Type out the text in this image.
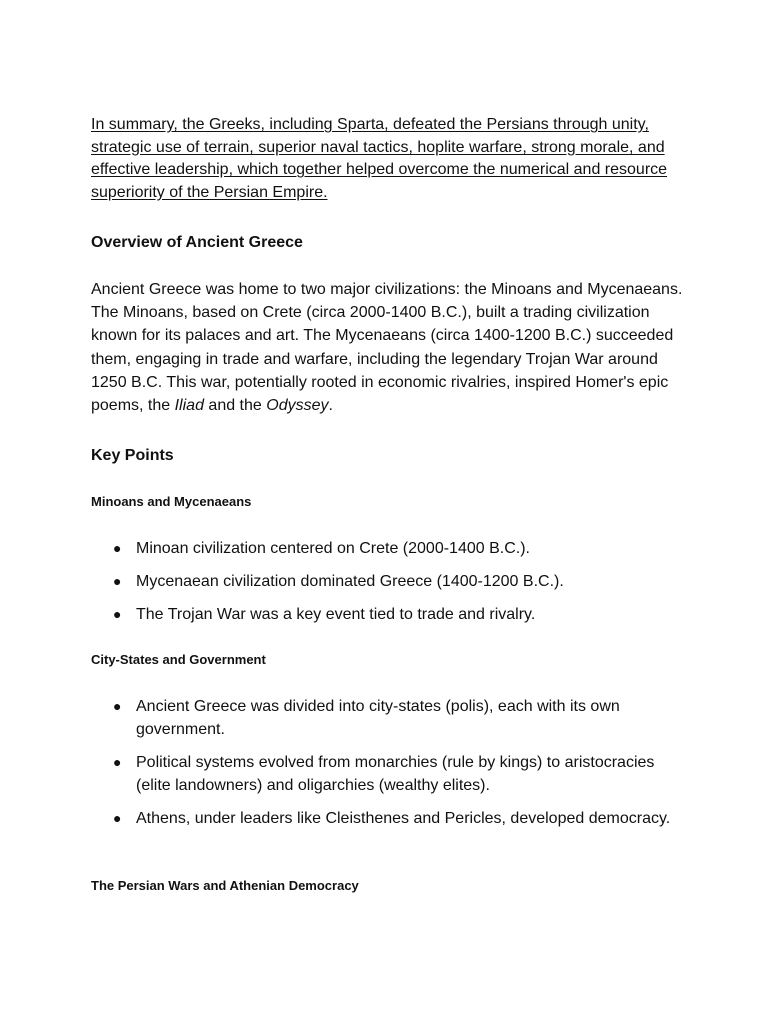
In summary, the Greeks, including Sparta, defeated the Persians through unity, strategic use of terrain, superior naval tactics, hoplite warfare, strong morale, and effective leadership, which together helped overcome the numerical and resource superiority of the Persian Empire.

Overview of Ancient Greece

Ancient Greece was home to two major civilizations: the Minoans and Mycenaeans. The Minoans, based on Crete (circa 2000-1400 B.C.), built a trading civilization known for its palaces and art. The Mycenaeans (circa 1400-1200 B.C.) succeeded them, engaging in trade and warfare, including the legendary Trojan War around 1250 B.C. This war, potentially rooted in economic rivalries, inspired Homer's epic poems, the Iliad and the Odyssey.

Key Points
Minoans and Mycenaeans
● Minoan civilization centered on Crete (2000-1400 B.C.).
● Mycenaean civilization dominated Greece (1400-1200 B.C.).
● The Trojan War was a key event tied to trade and rivalry.
City-States and Government
● Ancient Greece was divided into city-states (polis), each with its own government.
● Political systems evolved from monarchies (rule by kings) to aristocracies (elite landowners) and oligarchies (wealthy elites).
● Athens, under leaders like Cleisthenes and Pericles, developed democracy.
The Persian Wars and Athenian Democracy
